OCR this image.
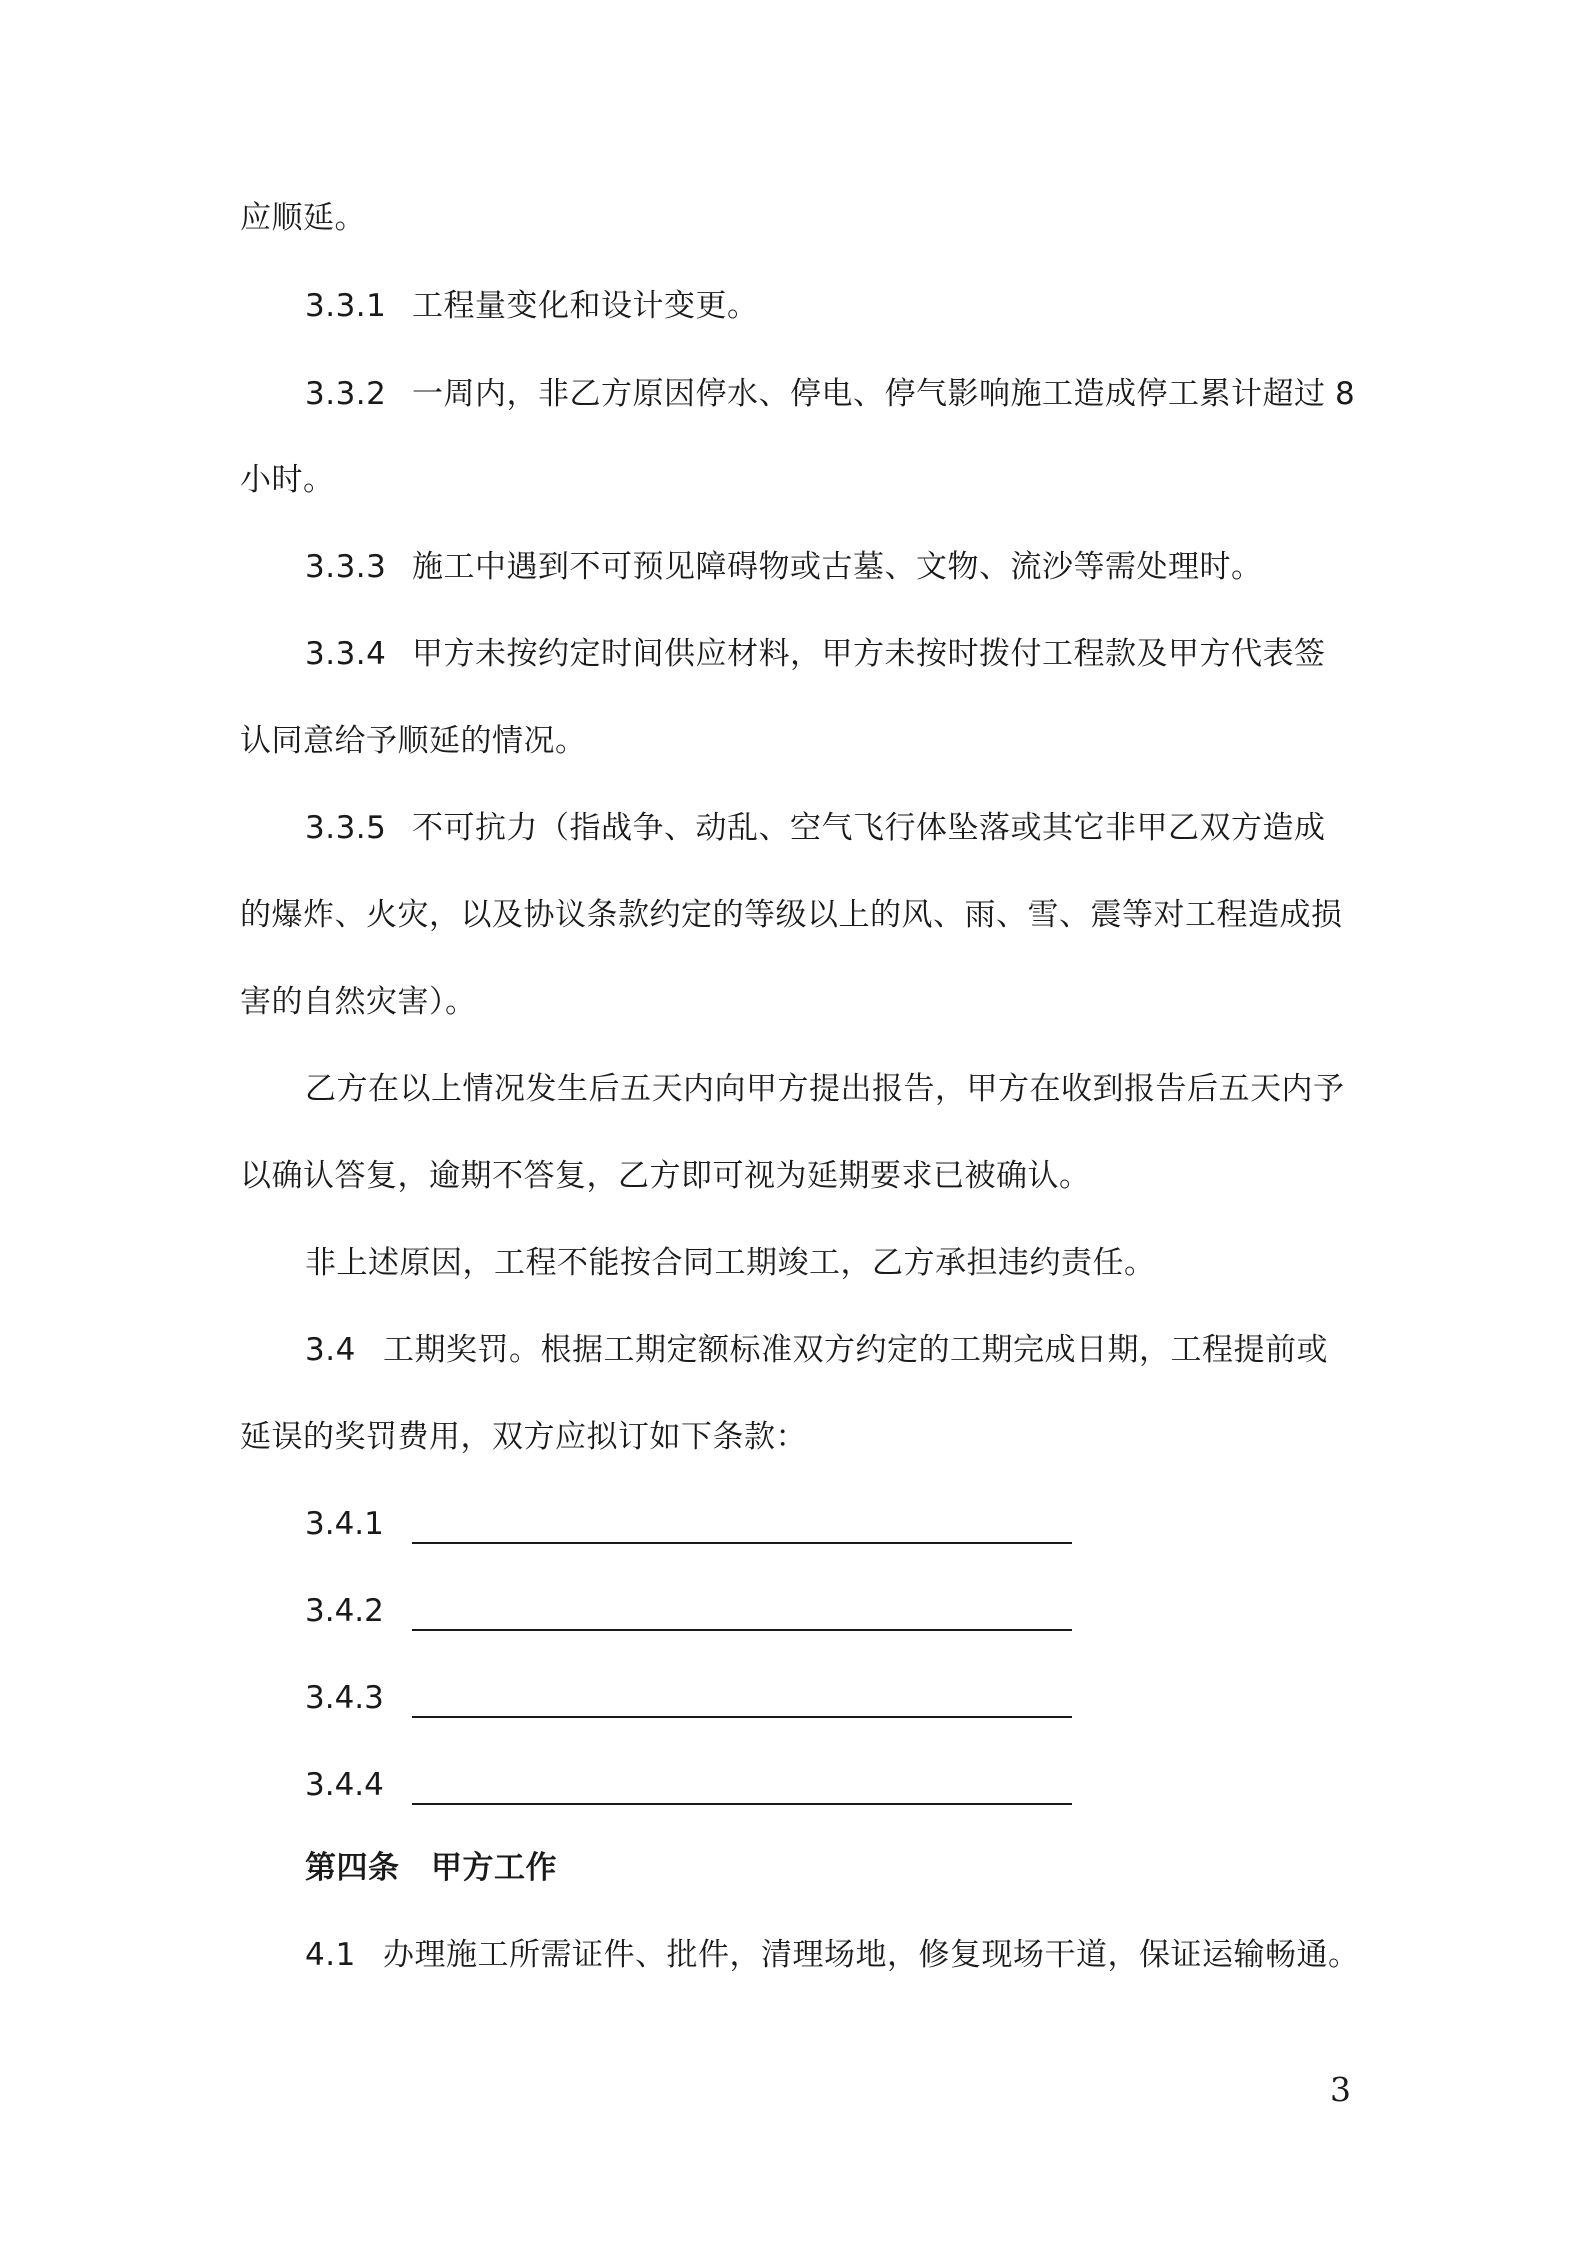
应顺延。

3.3.1 工程量变化和设计变更。

3.3.2 一周内，非乙方原因停水、停电、停气影响施工造成停工累计超过 8

小时。

3.3.3 施工中遇到不可预见障碍物或古墓、文物、流沙等需处理时。

3.3.4 甲方未按约定时间供应材料，甲方未按时拨付工程款及甲方代表签

认同意给予顺延的情况。

3.3.5 不可抗力（指战争、动乱、空气飞行体坠落或其它非甲乙双方造成

的爆炸、火灾，以及协议条款约定的等级以上的风、雨、雪、震等对工程造成损

害的自然灾害）。

乙方在以上情况发生后五天内向甲方提出报告，甲方在收到报告后五天内予

以确认答复，逾期不答复，乙方即可视为延期要求已被确认。

非上述原因，工程不能按合同工期竣工，乙方承担违约责任。

3.4 工期奖罚。根据工期定额标准双方约定的工期完成日期，工程提前或

延误的奖罚费用，双方应拟订如下条款：

3.4.1
3.4.2
3.4.3
3.4.4

第四条　甲方工作

4.1 办理施工所需证件、批件，清理场地，修复现场干道，保证运输畅通。

3
